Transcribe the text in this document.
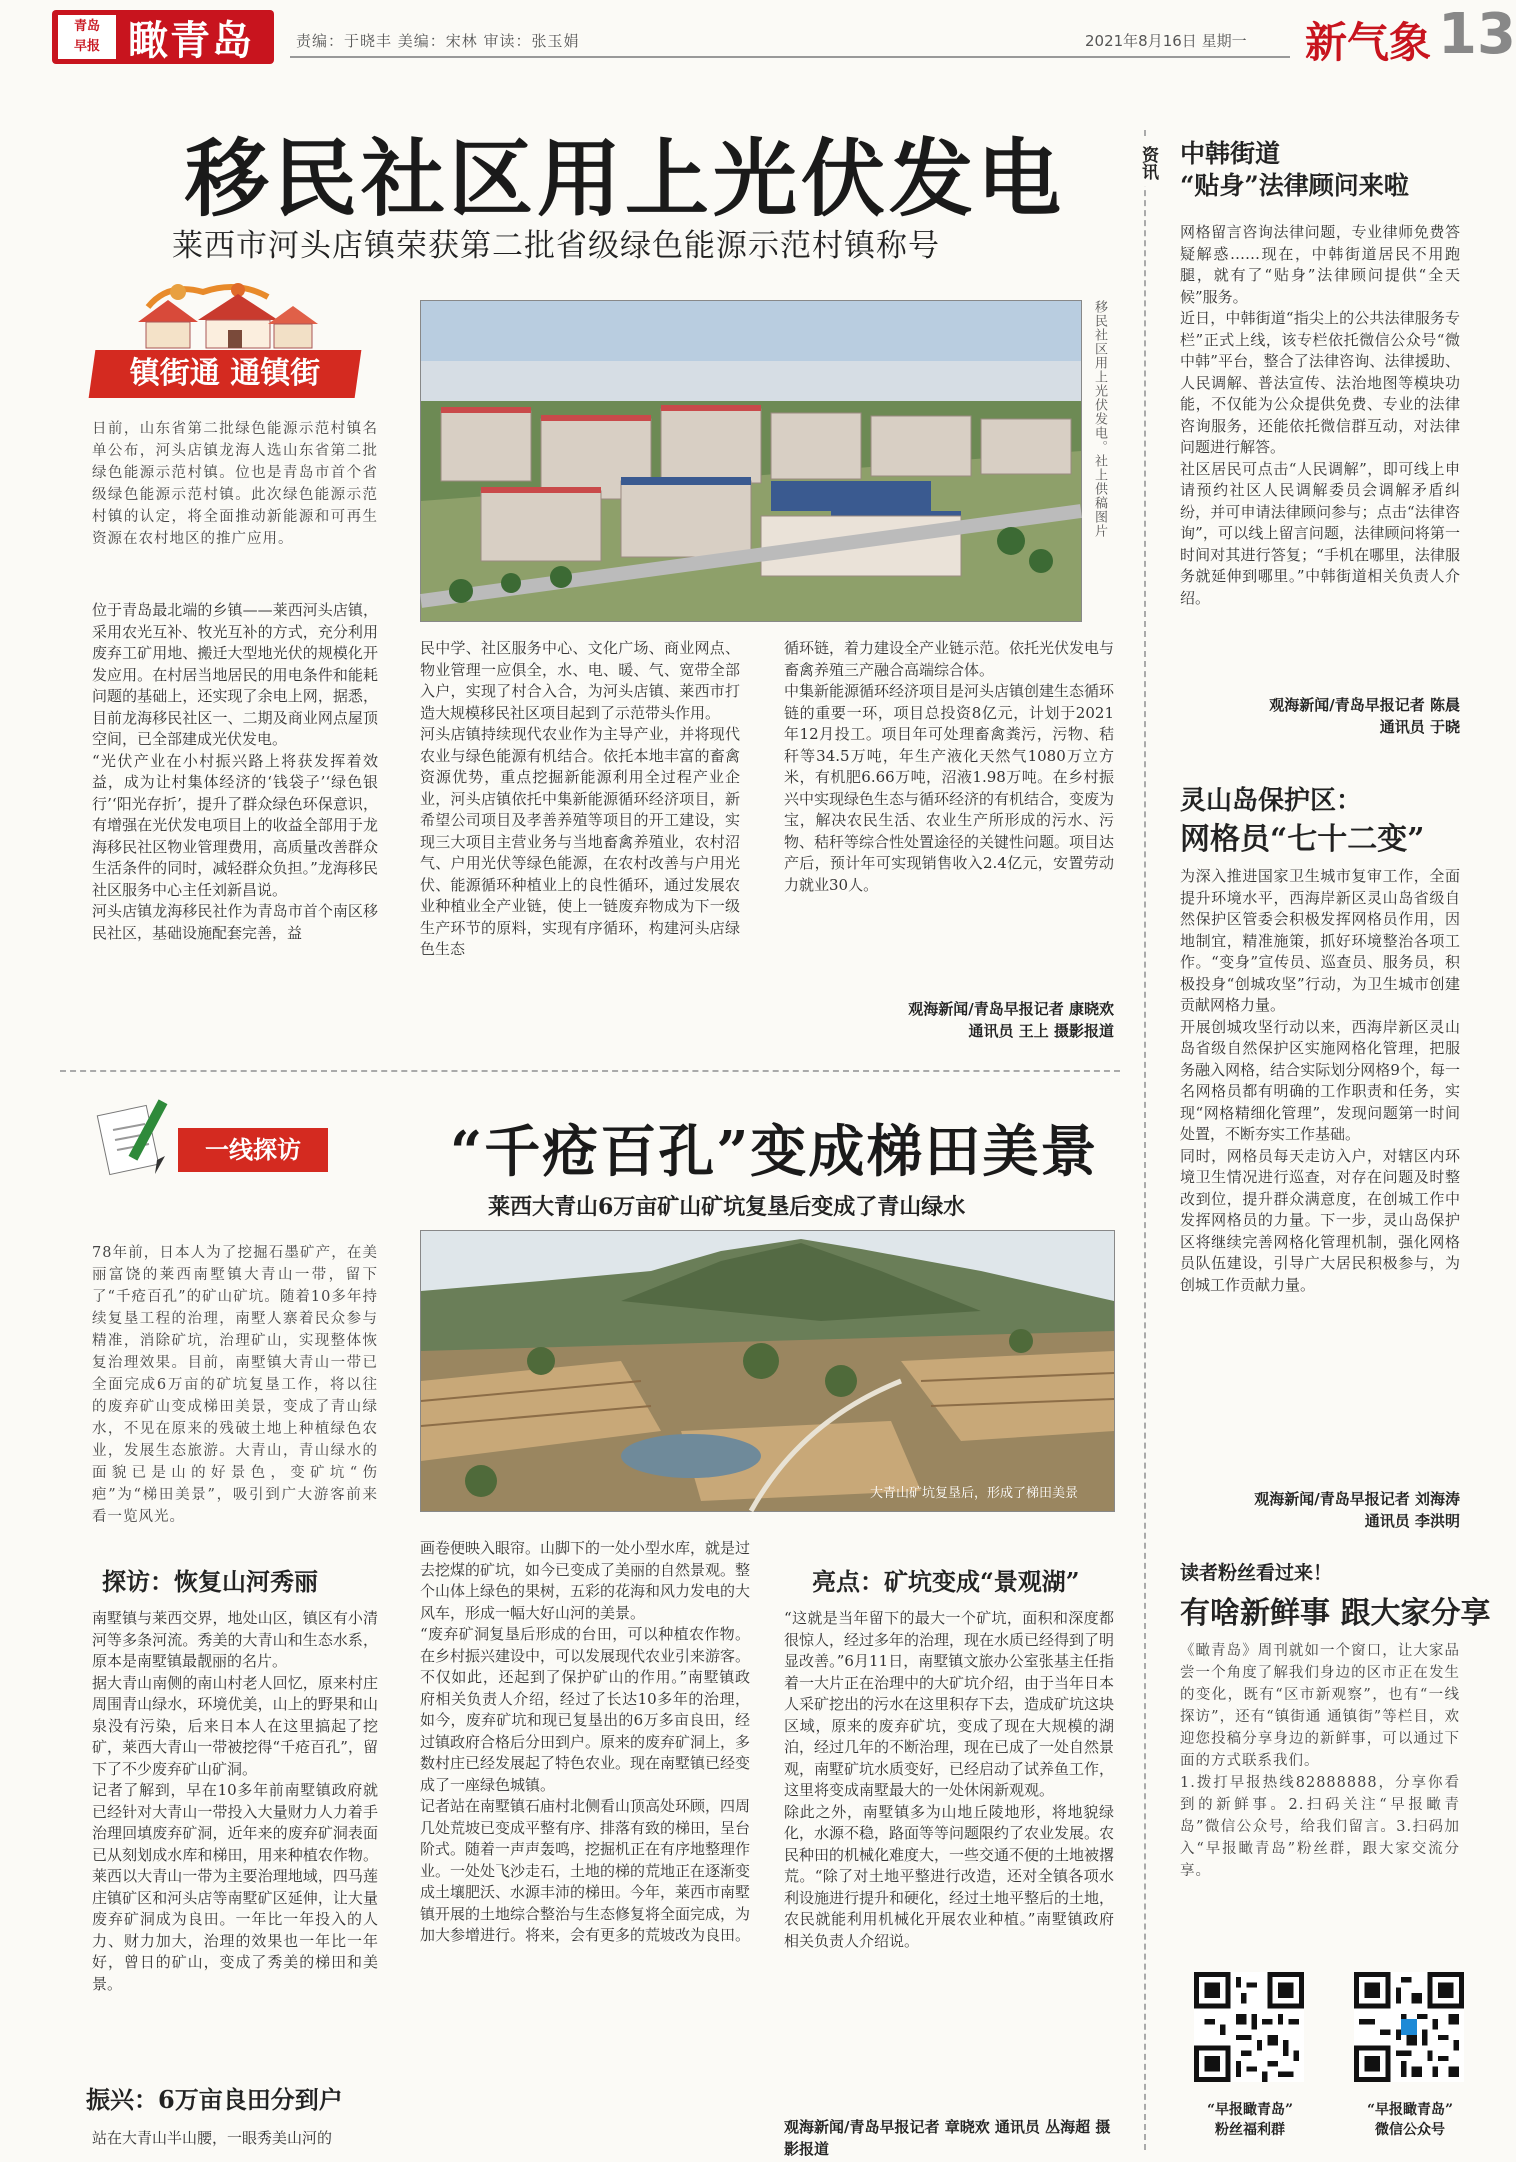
青岛
早报 瞰青岛	责编：于晓丰 美编：宋林 审读：张玉娟	2021年8月16日 星期一 新气象 13
移民社区用上光伏发电
莱西市河头店镇荣获第二批省级绿色能源示范村镇称号
镇街通 通镇街
日前，山东省第二批绿色能源示范村镇名单公布，河头店镇龙海人选山东省第二批绿色能源示范村镇。位也是青岛市首个省级绿色能源示范村镇。此次绿色能源示范村镇的认定，将全面推动新能源和可再生资源在农村地区的推广应用。
位于青岛最北端的乡镇——莱西河头店镇，采用农光互补、牧光互补的方式，充分利用废弃工矿用地、搬迁大型地光伏的规模化开发应用。在村居当地居民的用电条件和能耗问题的基础上，还实现了余电上网，据悉，目前龙海移民社区一、二期及商业网点屋顶空间，已全部建成光伏发电。
“光伏产业在小村振兴路上将获发挥着效益，成为让村集体经济的‘钱袋子’‘绿色银行’‘阳光存折’，提升了群众绿色环保意识，有增强在光伏发电项目上的收益全部用于龙海移民社区物业管理费用，高质量改善群众生活条件的同时，减轻群众负担。”龙海移民社区服务中心主任刘新昌说。
河头店镇龙海移民社作为青岛市首个南区移民社区，基础设施配套完善，益
移民社区用上光伏发电。社上供稿图片
民中学、社区服务中心、文化广场、商业网点、物业管理一应俱全，水、电、暖、气、宽带全部入户，实现了村合入合，为河头店镇、莱西市打造大规模移民社区项目起到了示范带头作用。
河头店镇持续现代农业作为主导产业，并将现代农业与绿色能源有机结合。依托本地丰富的畜禽资源优势，重点挖掘新能源利用全过程产业企业，河头店镇依托中集新能源循环经济项目，新希望公司项目及孝善养殖等项目的开工建设，实现三大项目主营业务与当地畜禽养殖业，农村沼气、户用光伏等绿色能源，在农村改善与户用光伏、能源循环种植业上的良性循环，通过发展农业种植业全产业链，使上一链废弃物成为下一级生产环节的原料，实现有序循环，构建河头店绿色生态
循环链，着力建设全产业链示范。依托光伏发电与畜禽养殖三产融合高端综合体。
中集新能源循环经济项目是河头店镇创建生态循环链的重要一环，项目总投资8亿元，计划于2021年12月投工。项目年可处理畜禽粪污，污物、秸秆等34.5万吨，年生产液化天然气1080万立方米，有机肥6.66万吨，沼液1.98万吨。在乡村振兴中实现绿色生态与循环经济的有机结合，变废为宝，解决农民生活、农业生产所形成的污水、污物、秸秆等综合性处置途径的关键性问题。项目达产后，预计年可实现销售收入2.4亿元，安置劳动力就业30人。
观海新闻/青岛早报记者 康晓欢
通讯员 王上 摄影报道
一线探访
78年前，日本人为了挖掘石墨矿产，在美丽富饶的莱西南墅镇大青山一带，留下了“千疮百孔”的矿山矿坑。随着10多年持续复垦工程的治理，南墅人寨着民众参与精准，消除矿坑，治理矿山，实现整体恢复治理效果。目前，南墅镇大青山一带已全面完成6万亩的矿坑复垦工作，将以往的废弃矿山变成梯田美景，变成了青山绿水，不见在原来的残破土地上种植绿色农业，发展生态旅游。大青山，青山绿水的面貌已是山的好景色，变矿坑“伤疤”为“梯田美景”，吸引到广大游客前来看一览风光。
“千疮百孔”变成梯田美景
莱西大青山6万亩矿山矿坑复垦后变成了青山绿水
大青山矿坑复垦后，形成了梯田美景
探访：恢复山河秀丽
南墅镇与莱西交界，地处山区，镇区有小清河等多条河流。秀美的大青山和生态水系，原本是南墅镇最靓丽的名片。
据大青山南侧的南山村老人回忆，原来村庄周围青山绿水，环境优美，山上的野果和山泉没有污染，后来日本人在这里搞起了挖矿，莱西大青山一带被挖得“千疮百孔”，留下了不少废弃矿山矿洞。
记者了解到，早在10多年前南墅镇政府就已经针对大青山一带投入大量财力人力着手治理回填废弃矿洞，近年来的废弃矿洞表面已从刻划成水库和梯田，用来种植农作物。莱西以大青山一带为主要治理地域，四马莲庄镇矿区和河头店等南墅矿区延伸，让大量废弃矿洞成为良田。一年比一年投入的人力、财力加大，治理的效果也一年比一年好，曾日的矿山，变成了秀美的梯田和美景。
振兴：6万亩良田分到户
站在大青山半山腰，一眼秀美山河的
画卷便映入眼帘。山脚下的一处小型水库，就是过去挖煤的矿坑，如今已变成了美丽的自然景观。整个山体上绿色的果树，五彩的花海和风力发电的大风车，形成一幅大好山河的美景。
“废弃矿洞复垦后形成的台田，可以种植农作物。在乡村振兴建设中，可以发展现代农业引来游客。不仅如此，还起到了保护矿山的作用。”南墅镇政府相关负责人介绍，经过了长达10多年的治理，如今，废弃矿坑和现已复垦出的6万多亩良田，经过镇政府合格后分田到户。原来的废弃矿洞上，多数村庄已经发展起了特色农业。现在南墅镇已经变成了一座绿色城镇。
记者站在南墅镇石庙村北侧看山顶高处环顾，四周几处荒坡已变成平整有序、排落有致的梯田，呈台阶式。随着一声声轰鸣，挖掘机正在有序地整理作业。一处处飞沙走石，土地的梯的荒地正在逐渐变成土壤肥沃、水源丰沛的梯田。今年，莱西市南墅镇开展的土地综合整治与生态修复将全面完成，为加大参增进行。将来，会有更多的荒坡改为良田。
亮点：矿坑变成“景观湖”
“这就是当年留下的最大一个矿坑，面积和深度都很惊人，经过多年的治理，现在水质已经得到了明显改善。”6月11日，南墅镇文旅办公室张基主任指着一大片正在治理中的大矿坑介绍，由于当年日本人采矿挖出的污水在这里积存下去，造成矿坑这块区域，原来的废弃矿坑，变成了现在大规模的湖泊，经过几年的不断治理，现在已成了一处自然景观，南墅矿坑水质变好，已经启动了试养鱼工作，这里将变成南墅最大的一处休闲新观观。
除此之外，南墅镇多为山地丘陵地形，将地貌绿化，水源不稳，路面等等问题限约了农业发展。农民种田的机械化难度大，一些交通不便的土地被撂荒。“除了对土地平整进行改造，还对全镇各项水利设施进行提升和硬化，经过土地平整后的土地，农民就能利用机械化开展农业种植。”南墅镇政府相关负责人介绍说。
观海新闻/青岛早报记者 章晓欢 通讯员 丛海超 摄影报道
资讯 中韩街道
“贴身”法律顾问来啦
网格留言咨询法律问题，专业律师免费答疑解惑……现在，中韩街道居民不用跑腿，就有了“贴身”法律顾问提供“全天候”服务。
近日，中韩街道“指尖上的公共法律服务专栏”正式上线，该专栏依托微信公众号“微中韩”平台，整合了法律咨询、法律援助、人民调解、普法宣传、法治地图等模块功能，不仅能为公众提供免费、专业的法律咨询服务，还能依托微信群互动，对法律问题进行解答。
社区居民可点击“人民调解”，即可线上申请预约社区人民调解委员会调解矛盾纠纷，并可申请法律顾问参与；点击“法律咨询”，可以线上留言问题，法律顾问将第一时间对其进行答复；“手机在哪里，法律服务就延伸到哪里。”中韩街道相关负责人介绍。
观海新闻/青岛早报记者 陈晨
通讯员 于晓
灵山岛保护区：
网格员“七十二变”
为深入推进国家卫生城市复审工作，全面提升环境水平，西海岸新区灵山岛省级自然保护区管委会积极发挥网格员作用，因地制宜，精准施策，抓好环境整治各项工作。“变身”宣传员、巡查员、服务员，积极投身“创城攻坚”行动，为卫生城市创建贡献网格力量。
开展创城攻坚行动以来，西海岸新区灵山岛省级自然保护区实施网格化管理，把服务融入网格，结合实际划分网格9个，每一名网格员都有明确的工作职责和任务，实现“网格精细化管理”，发现问题第一时间处置，不断夯实工作基础。
同时，网格员每天走访入户，对辖区内环境卫生情况进行巡查，对存在问题及时整改到位，提升群众满意度，在创城工作中发挥网格员的力量。下一步，灵山岛保护区将继续完善网格化管理机制，强化网格员队伍建设，引导广大居民积极参与，为创城工作贡献力量。
观海新闻/青岛早报记者 刘海涛
通讯员 李洪明
读者粉丝看过来！
有啥新鲜事 跟大家分享
《瞰青岛》周刊就如一个窗口，让大家品尝一个角度了解我们身边的区市正在发生的变化，既有“区市新观察”，也有“一线探访”，还有“镇街通 通镇街”等栏目，欢迎您投稿分享身边的新鲜事，可以通过下面的方式联系我们。
1.拨打早报热线82888888，分享你看到的新鲜事。2.扫码关注“早报瞰青岛”微信公众号，给我们留言。3.扫码加入“早报瞰青岛”粉丝群，跟大家交流分享。
“早报瞰青岛”
粉丝福利群
“早报瞰青岛”
微信公众号
